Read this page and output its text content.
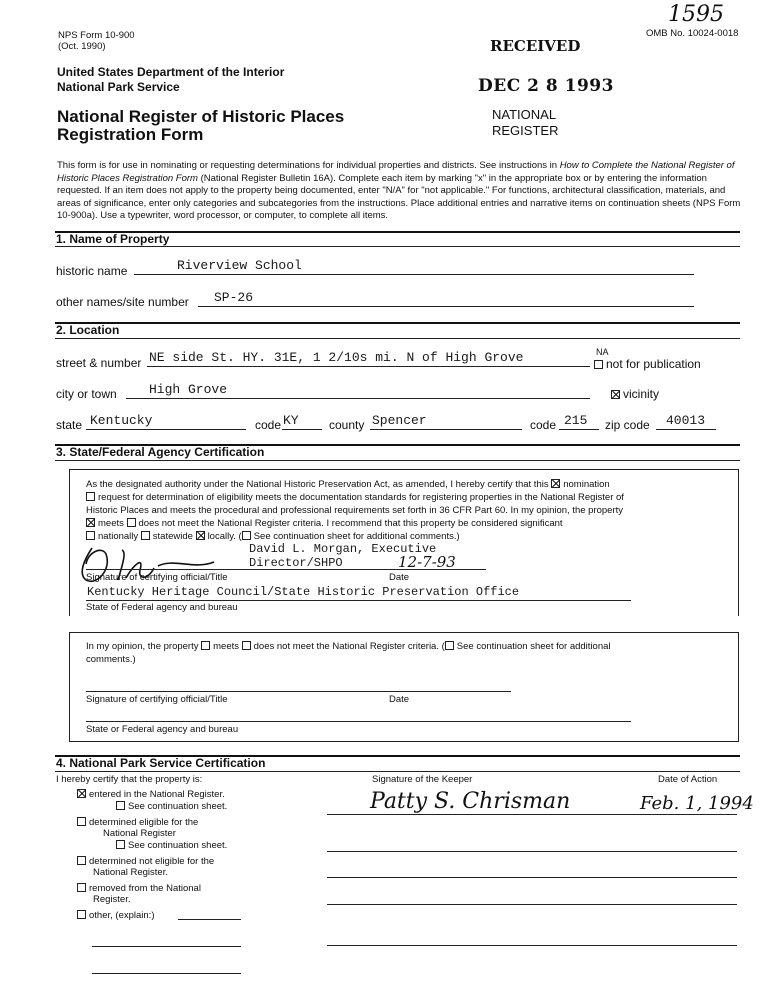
NPS Form 10-900
(Oct. 1990)
1595
OMB No. 10024-0018
RECEIVED
DEC 2 8 1993
NATIONAL
REGISTER
United States Department of the Interior
National Park Service
National Register of Historic Places
Registration Form
This form is for use in nominating or requesting determinations for individual properties and districts. See instructions in How to Complete the National Register of Historic Places Registration Form (National Register Bulletin 16A). Complete each item by marking "x" in the appropriate box or by entering the information requested. If an item does not apply to the property being documented, enter "N/A" for "not applicable." For functions, architectural classification, materials, and areas of significance, enter only categories and subcategories from the instructions. Place additional entries and narrative items on continuation sheets (NPS Form 10-900a). Use a typewriter, word processor, or computer, to complete all items.
1. Name of Property
historic name	Riverview School
other names/site number SP-26
2. Location
street & number NE side St. HY. 31E, 1 2/10s mi. N of High Grove	NA
not for publication
city or town High Grove	vicinity
state Kentucky	code KY	county Spencer	code 215 zip code 40013
3. State/Federal Agency Certification
As the designated authority under the National Historic Preservation Act, as amended, I hereby certify that this nomination
request for determination of eligibility meets the documentation standards for registering properties in the National Register of
Historic Places and meets the procedural and professional requirements set forth in 36 CFR Part 60. In my opinion, the property
meets does not meet the National Register criteria. I recommend that this property be considered significant
nationally statewide locally. ( See continuation sheet for additional comments.)
David L. Morgan, Executive
Director/SHPO	12-7-93
Signature of certifying official/Title	Date
Kentucky Heritage Council/State Historic Preservation Office
State of Federal agency and bureau
In my opinion, the property meets does not meet the National Register criteria. ( See continuation sheet for additional
comments.)
Signature of certifying official/Title	Date
State or Federal agency and bureau
4. National Park Service Certification
I hereby certify that the property is:	Signature of the Keeper	Date of Action
entered in the National Register.
See continuation sheet.
determined eligible for the
National Register
See continuation sheet.
determined not eligible for the
National Register.
removed from the National
Register.
other, (explain:)
Patty S. Chrisman	Feb. 1, 1994
